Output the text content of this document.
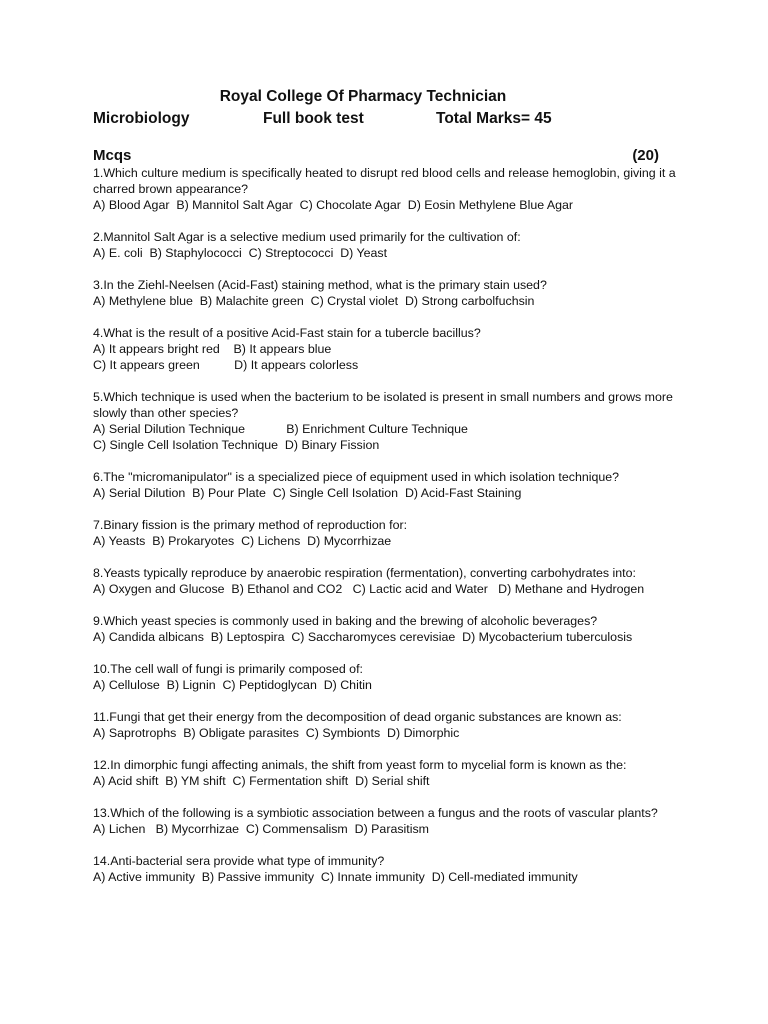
Royal College Of Pharmacy Technician
Microbiology	Full book test	Total Marks= 45
Mcqs	(20)
1.Which culture medium is specifically heated to disrupt red blood cells and release hemoglobin, giving it a charred brown appearance?
A) Blood Agar  B) Mannitol Salt Agar  C) Chocolate Agar  D) Eosin Methylene Blue Agar
2.Mannitol Salt Agar is a selective medium used primarily for the cultivation of:
A) E. coli  B) Staphylococci  C) Streptococci  D) Yeast
3.In the Ziehl-Neelsen (Acid-Fast) staining method, what is the primary stain used?
A) Methylene blue  B) Malachite green  C) Crystal violet  D) Strong carbolfuchsin
4.What is the result of a positive Acid-Fast stain for a tubercle bacillus?
A) It appears bright red    B) It appears blue
C) It appears green          D) It appears colorless
5.Which technique is used when the bacterium to be isolated is present in small numbers and grows more slowly than other species?
A) Serial Dilution Technique            B) Enrichment Culture Technique
C) Single Cell Isolation Technique  D) Binary Fission
6.The "micromanipulator" is a specialized piece of equipment used in which isolation technique?
A) Serial Dilution  B) Pour Plate  C) Single Cell Isolation  D) Acid-Fast Staining
7.Binary fission is the primary method of reproduction for:
A) Yeasts  B) Prokaryotes  C) Lichens  D) Mycorrhizae
8.Yeasts typically reproduce by anaerobic respiration (fermentation), converting carbohydrates into:
A) Oxygen and Glucose  B) Ethanol and CO2   C) Lactic acid and Water   D) Methane and Hydrogen
9.Which yeast species is commonly used in baking and the brewing of alcoholic beverages?
A) Candida albicans  B) Leptospira  C) Saccharomyces cerevisiae  D) Mycobacterium tuberculosis
10.The cell wall of fungi is primarily composed of:
A) Cellulose  B) Lignin  C) Peptidoglycan  D) Chitin
11.Fungi that get their energy from the decomposition of dead organic substances are known as:
A) Saprotrophs  B) Obligate parasites  C) Symbionts  D) Dimorphic
12.In dimorphic fungi affecting animals, the shift from yeast form to mycelial form is known as the:
A) Acid shift  B) YM shift  C) Fermentation shift  D) Serial shift
13.Which of the following is a symbiotic association between a fungus and the roots of vascular plants?
A) Lichen   B) Mycorrhizae  C) Commensalism  D) Parasitism
14.Anti-bacterial sera provide what type of immunity?
A) Active immunity  B) Passive immunity  C) Innate immunity  D) Cell-mediated immunity
